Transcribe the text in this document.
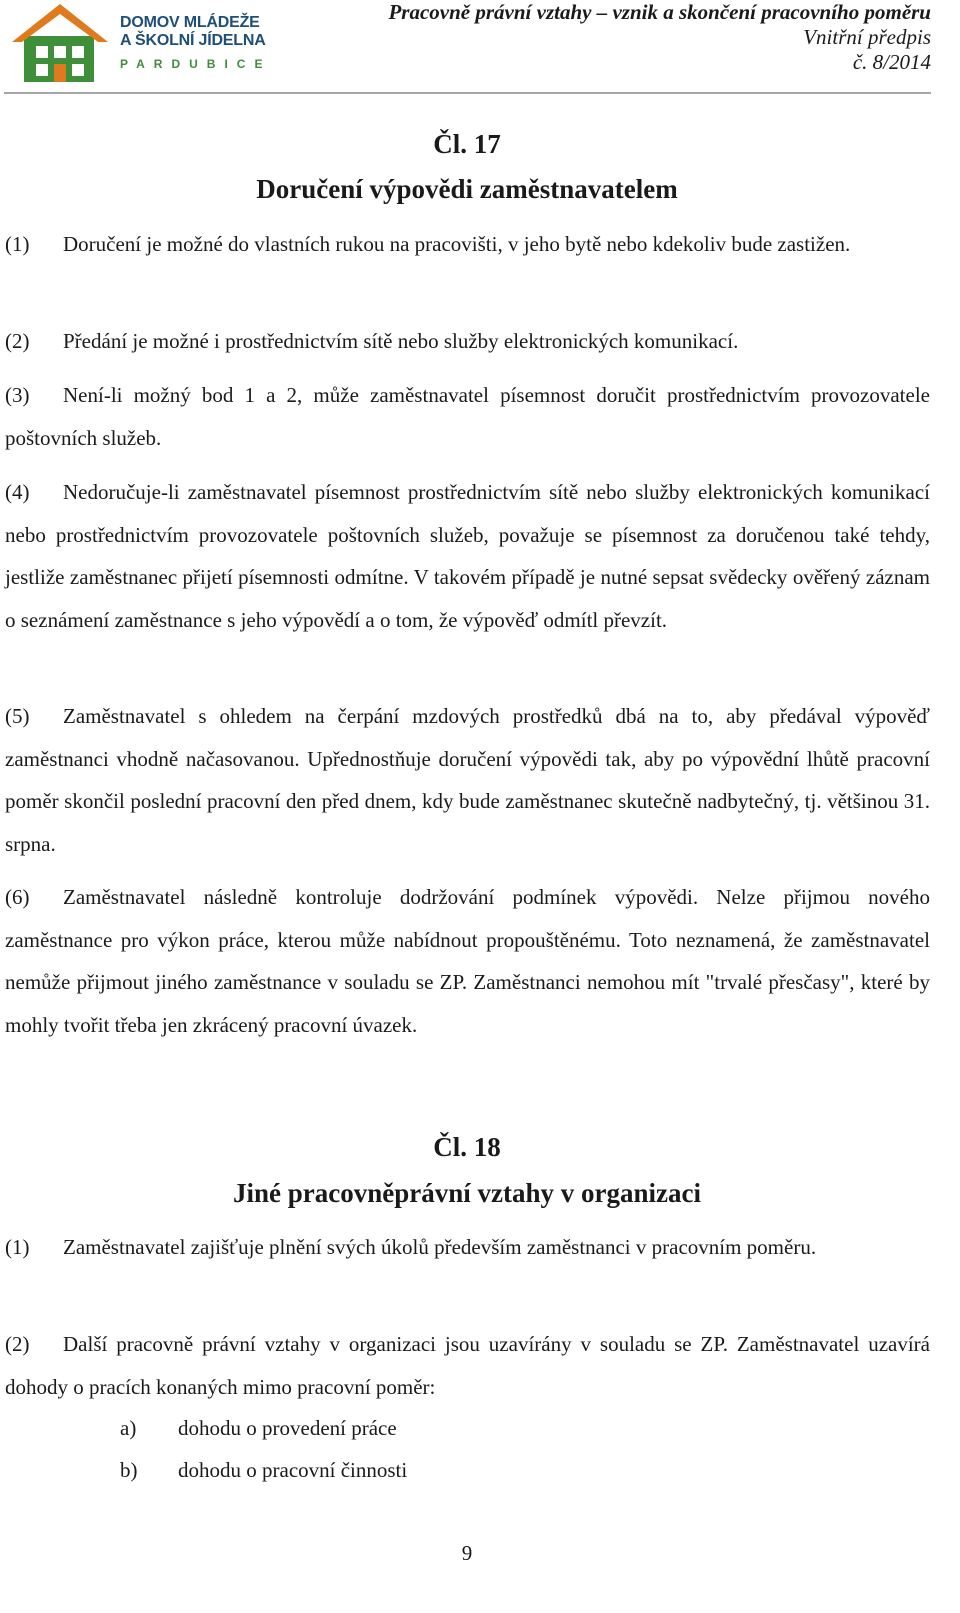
DOMOV MLÁDEŽE
A ŠKOLNÍ JÍDELNA
PARDUBICE
Pracovně právní vztahy – vznik a skončení pracovního poměru
Vnitřní předpis
č. 8/2014
Čl. 17
Doručení výpovědi zaměstnavatelem
(1) Doručení je možné do vlastních rukou na pracovišti, v jeho bytě nebo kdekoliv bude zastižen.
(2) Předání je možné i prostřednictvím sítě nebo služby elektronických komunikací.
(3) Není-li možný bod 1 a 2, může zaměstnavatel písemnost doručit prostřednictvím provozovatele poštovních služeb.
(4) Nedoručuje-li zaměstnavatel písemnost prostřednictvím sítě nebo služby elektronických komunikací nebo prostřednictvím provozovatele poštovních služeb, považuje se písemnost za doručenou také tehdy, jestliže zaměstnanec přijetí písemnosti odmítne. V takovém případě je nutné sepsat svědecky ověřený záznam o seznámení zaměstnance s jeho výpovědí a o tom, že výpověď odmítl převzít.
(5) Zaměstnavatel s ohledem na čerpání mzdových prostředků dbá na to, aby předával výpověď zaměstnanci vhodně načasovanou. Upřednostňuje doručení výpovědi tak, aby po výpovědní lhůtě pracovní poměr skončil poslední pracovní den před dnem, kdy bude zaměstnanec skutečně nadbytečný, tj. většinou 31. srpna.
(6) Zaměstnavatel následně kontroluje dodržování podmínek výpovědi. Nelze přijmou nového zaměstnance pro výkon práce, kterou může nabídnout propouštěnému. Toto neznamená, že zaměstnavatel nemůže přijmout jiného zaměstnance v souladu se ZP. Zaměstnanci nemohou mít "trvalé přesčasy", které by mohly tvořit třeba jen zkrácený pracovní úvazek.
Čl. 18
Jiné pracovněprávní vztahy v organizaci
(1) Zaměstnavatel zajišťuje plnění svých úkolů především zaměstnanci v pracovním poměru.
(2) Další pracovně právní vztahy v organizaci jsou uzavírány v souladu se ZP. Zaměstnavatel uzavírá dohody o pracích konaných mimo pracovní poměr:
a) dohodu o provedení práce
b) dohodu o pracovní činnosti
9
